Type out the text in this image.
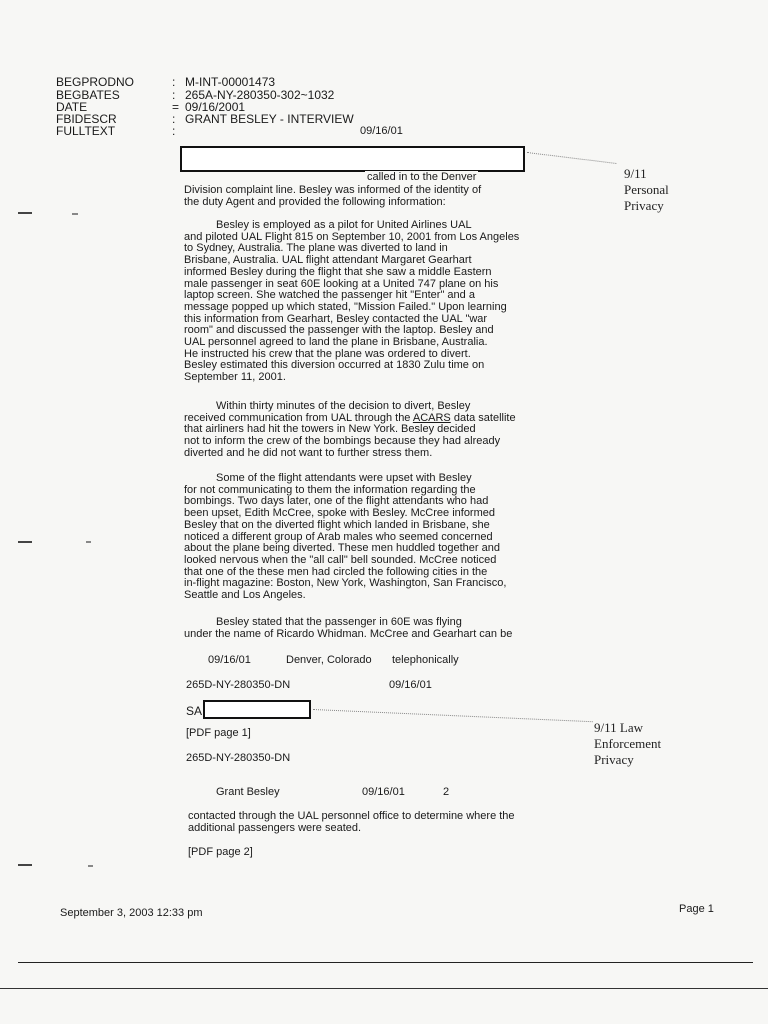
BEGPRODNO	: M-INT-00001473
BEGBATES	: 265A-NY-280350-302~1032
DATE	= 09/16/2001
FBIDESCR	: GRANT BESLEY - INTERVIEW
FULLTEXT	:	09/16/01
called in to the Denver
Division complaint line. Besley was informed of the identity of
the duty Agent and provided the following information:
9/11
Personal
Privacy
Besley is employed as a pilot for United Airlines UAL
and piloted UAL Flight 815 on September 10, 2001 from Los Angeles
to Sydney, Australia. The plane was diverted to land in
Brisbane, Australia. UAL flight attendant Margaret Gearhart
informed Besley during the flight that she saw a middle Eastern
male passenger in seat 60E looking at a United 747 plane on his
laptop screen. She watched the passenger hit "Enter" and a
message popped up which stated, "Mission Failed." Upon learning
this information from Gearhart, Besley contacted the UAL "war
room" and discussed the passenger with the laptop. Besley and
UAL personnel agreed to land the plane in Brisbane, Australia.
He instructed his crew that the plane was ordered to divert.
Besley estimated this diversion occurred at 1830 Zulu time on
September 11, 2001.
Within thirty minutes of the decision to divert, Besley
received communication from UAL through the ACARS data satellite
that airliners had hit the towers in New York. Besley decided
not to inform the crew of the bombings because they had already
diverted and he did not want to further stress them.
Some of the flight attendants were upset with Besley
for not communicating to them the information regarding the
bombings. Two days later, one of the flight attendants who had
been upset, Edith McCree, spoke with Besley. McCree informed
Besley that on the diverted flight which landed in Brisbane, she
noticed a different group of Arab males who seemed concerned
about the plane being diverted. These men huddled together and
looked nervous when the "all call" bell sounded. McCree noticed
that one of the these men had circled the following cities in the
in-flight magazine: Boston, New York, Washington, San Francisco,
Seattle and Los Angeles.
Besley stated that the passenger in 60E was flying
under the name of Ricardo Whidman. McCree and Gearhart can be
09/16/01	Denver, Colorado telephonically
265D-NY-280350-DN	09/16/01
SA
9/11 Law
Enforcement
Privacy
[PDF page 1]
265D-NY-280350-DN
Grant Besley	09/16/01	2
contacted through the UAL personnel office to determine where the
additional passengers were seated.
[PDF page 2]
September 3, 2003 12:33 pm	Page 1
